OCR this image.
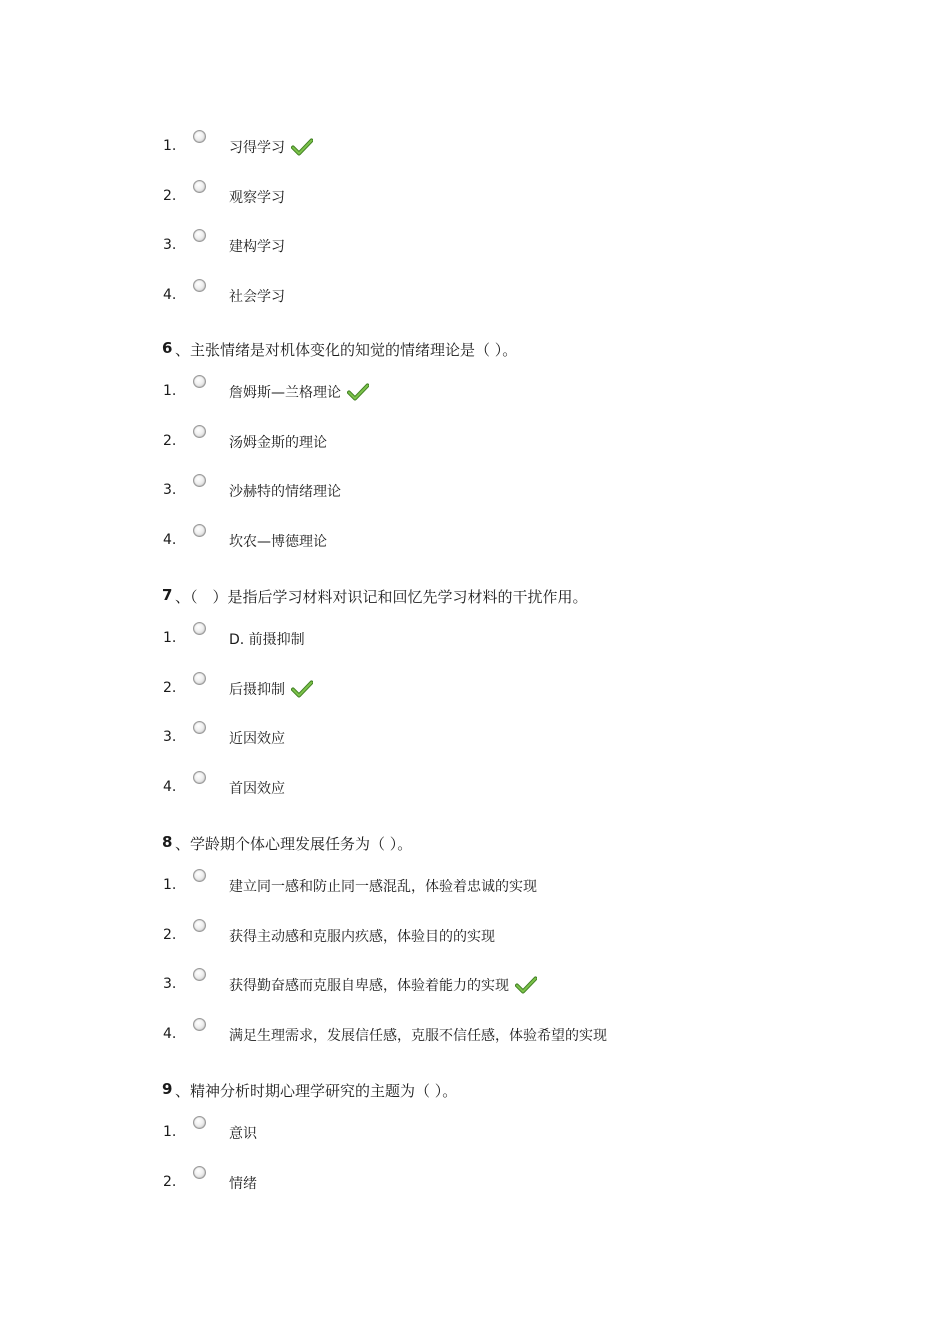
1.	习得学习
2.	观察学习
3.	建构学习
4.	社会学习
6 、主张情绪是对机体变化的知觉的情绪理论是（ ）。
1.	詹姆斯—兰格理论
2.	汤姆金斯的理论
3.	沙赫特的情绪理论
4.	坎农—博德理论
7 、（　）是指后学习材料对识记和回忆先学习材料的干扰作用。
1.	D. 前摄抑制
2.	后摄抑制
3.	近因效应
4.	首因效应
8 、学龄期个体心理发展任务为（ ）。
1.	建立同一感和防止同一感混乱，体验着忠诚的实现
2.	获得主动感和克服内疚感，体验目的的实现
3.	获得勤奋感而克服自卑感，体验着能力的实现
4.	满足生理需求，发展信任感，克服不信任感，体验希望的实现
9 、精神分析时期心理学研究的主题为（ ）。
1.	意识
2.	情绪
